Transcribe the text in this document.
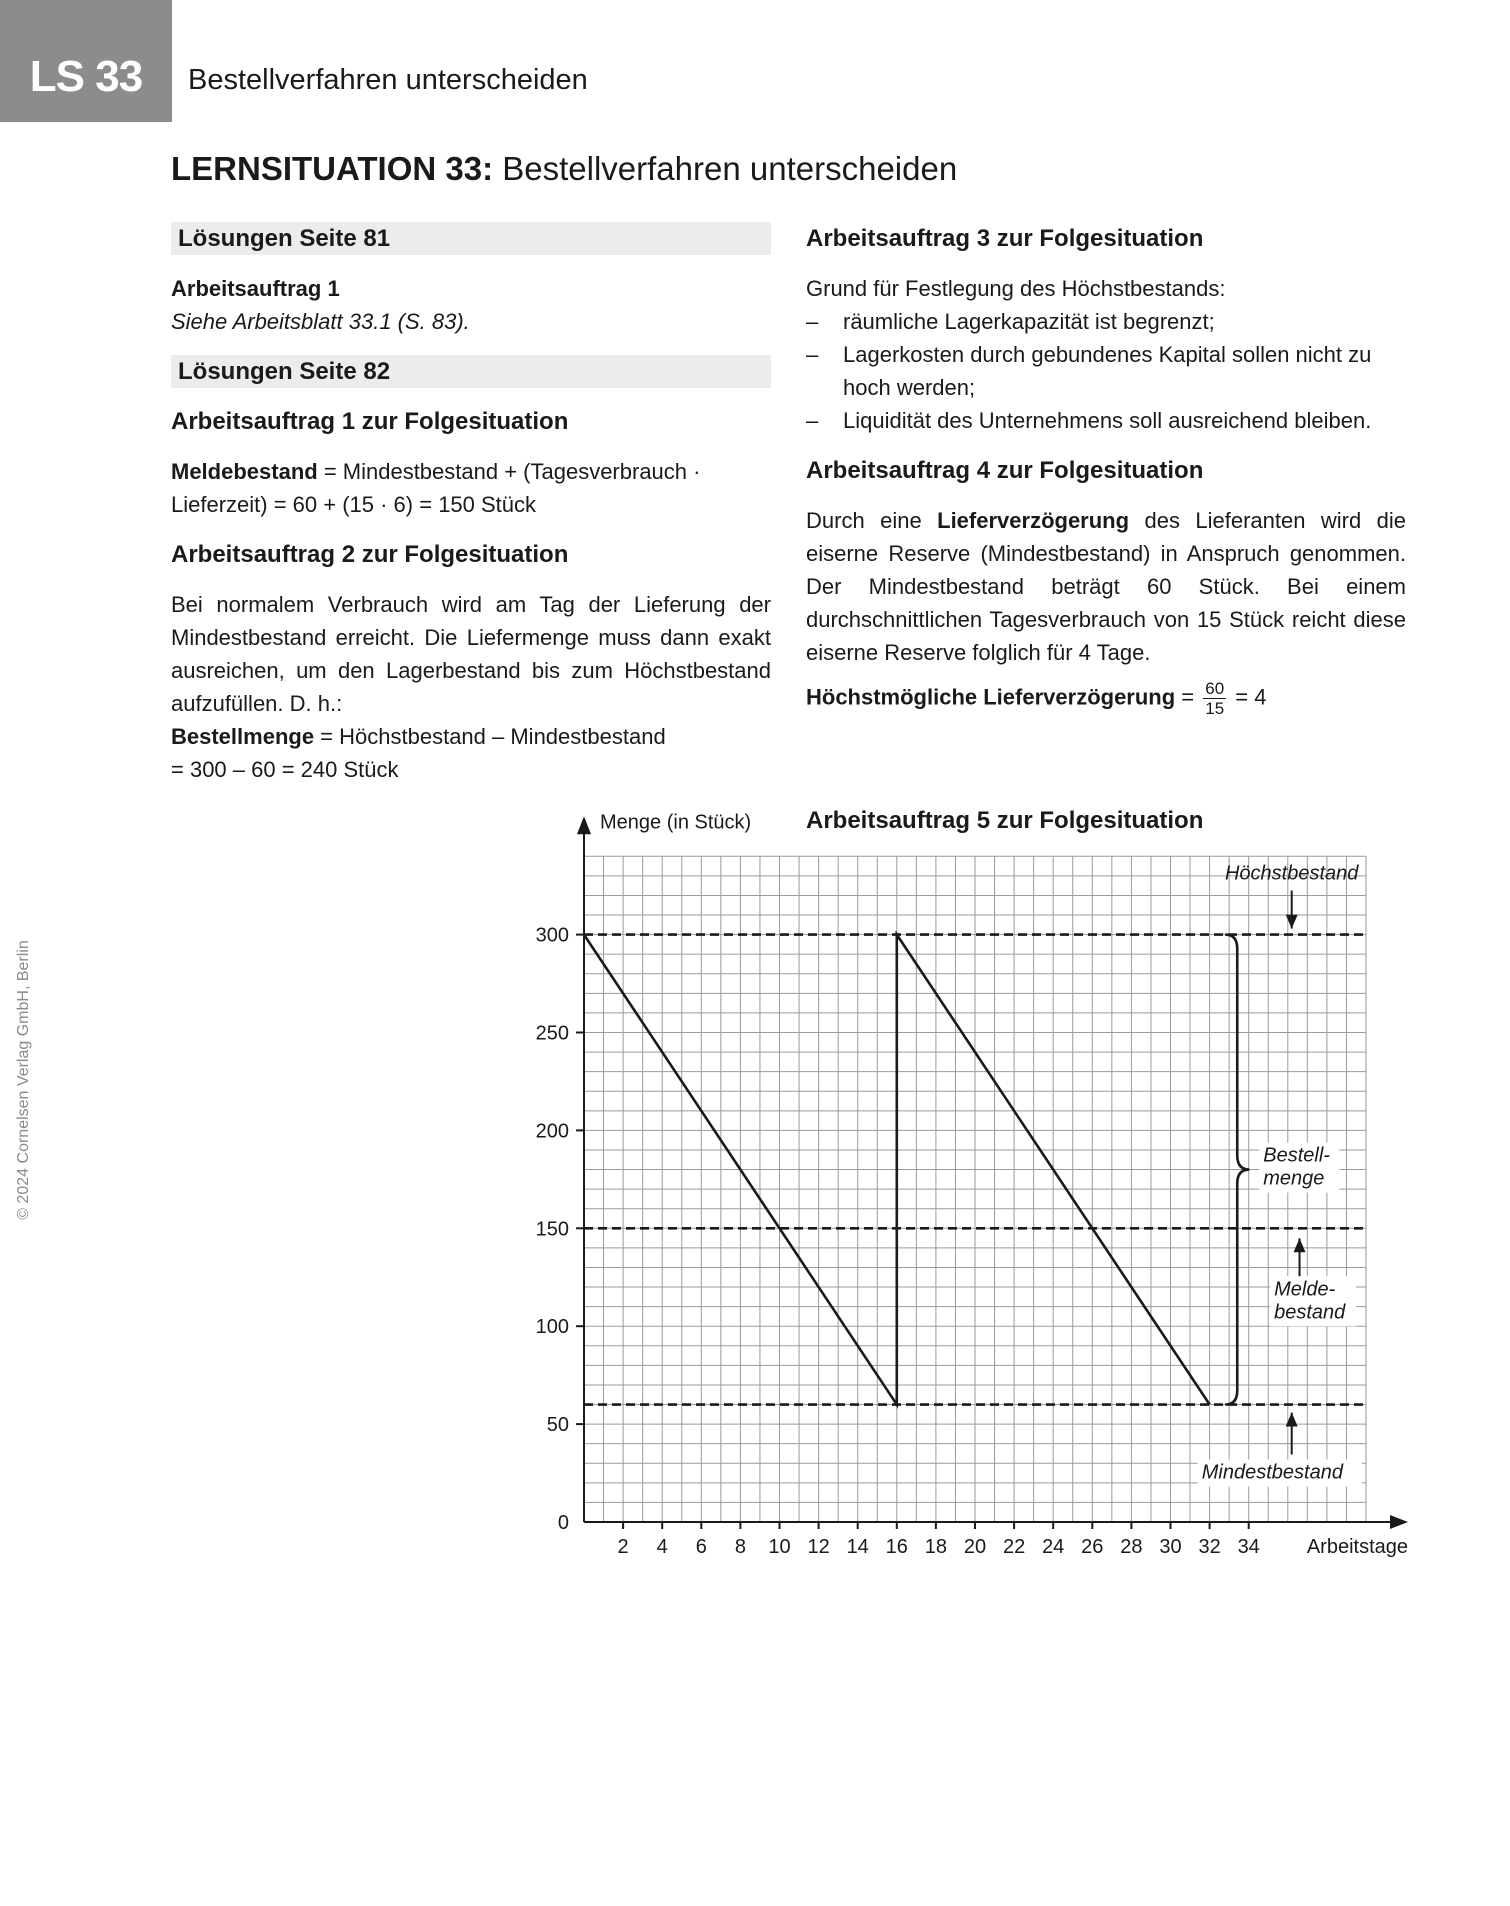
LS 33	Bestellverfahren unterscheiden
LERNSITUATION 33: Bestellverfahren unterscheiden
© 2024 Cornelsen Verlag GmbH, Berlin
Lösungen Seite 81
Arbeitsauftrag 1
Siehe Arbeitsblatt 33.1 (S. 83).
Lösungen Seite 82
Arbeitsauftrag 1 zur Folgesituation
Meldebestand = Mindestbestand + (Tagesverbrauch ·
Lieferzeit) = 60 + (15 · 6) = 150 Stück
Arbeitsauftrag 2 zur Folgesituation
Bei normalem Verbrauch wird am Tag der Lieferung der Mindestbestand erreicht. Die Liefermenge muss dann exakt ausreichen, um den Lagerbestand bis zum Höchstbestand aufzufüllen. D. h.:
Bestellmenge = Höchstbestand – Mindestbestand
= 300 – 60 = 240 Stück
Arbeitsauftrag 3 zur Folgesituation
Grund für Festlegung des Höchstbestands:
– räumliche Lagerkapazität ist begrenzt;
– Lagerkosten durch gebundenes Kapital sollen nicht zu hoch werden;
– Liquidität des Unternehmens soll ausreichend bleiben.
Arbeitsauftrag 4 zur Folgesituation
Durch eine Lieferverzögerung des Lieferanten wird die eiserne Reserve (Mindestbestand) in Anspruch genommen. Der Mindestbestand beträgt 60 Stück. Bei einem durchschnittlichen Tagesverbrauch von 15 Stück reicht diese eiserne Reserve folglich für 4 Tage.
Höchstmögliche Lieferverzögerung = $\frac{60}{15} = 4$
Arbeitsauftrag 5 zur Folgesituation
0
50
100
150
200
250
300
2 4 6 8 10 12 14 16 18 20 22 24 26 28 30 32 34
Menge (in Stück)
Arbeitstage
Bestell-
menge
Höchstbestand
Melde-
bestand
Mindestbestand
